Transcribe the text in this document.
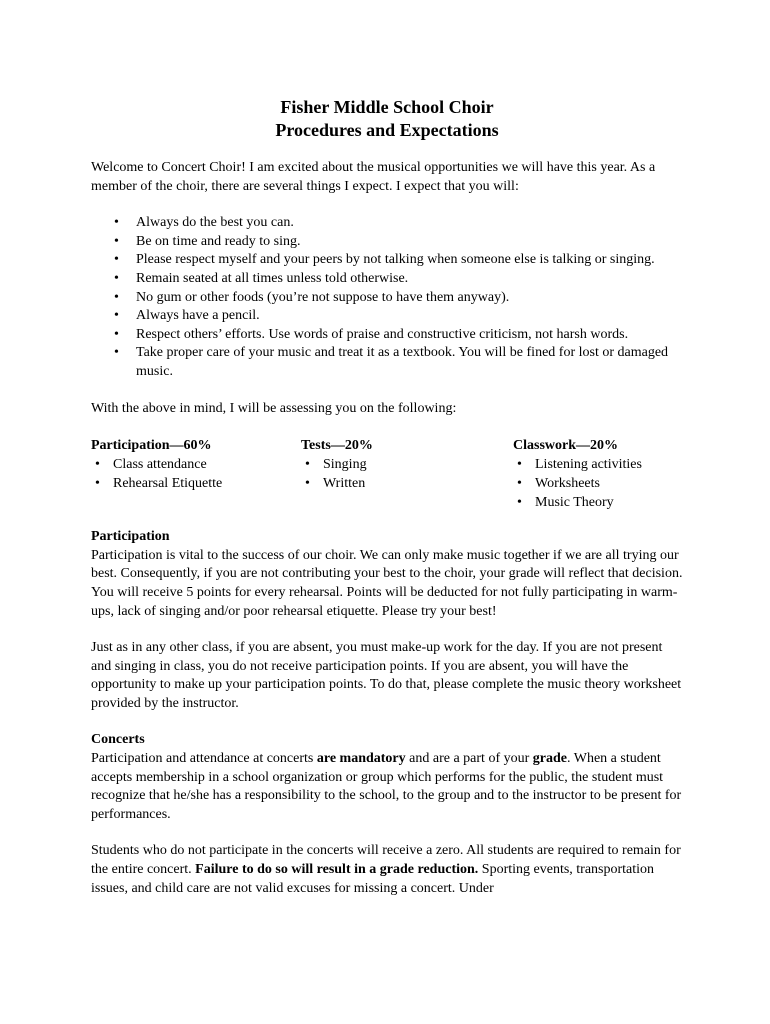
Fisher Middle School Choir
Procedures and Expectations

Welcome to Concert Choir! I am excited about the musical opportunities we will have this year. As a member of the choir, there are several things I expect. I expect that you will:

• Always do the best you can.
• Be on time and ready to sing.
• Please respect myself and your peers by not talking when someone else is talking or singing.
• Remain seated at all times unless told otherwise.
• No gum or other foods (you’re not suppose to have them anyway).
• Always have a pencil.
• Respect others’ efforts. Use words of praise and constructive criticism, not harsh words.
• Take proper care of your music and treat it as a textbook. You will be fined for lost or damaged music.

With the above in mind, I will be assessing you on the following:

Participation—60%
• Class attendance
• Rehearsal Etiquette
Tests—20%
• Singing
• Written
Classwork—20%
• Listening activities
• Worksheets
• Music Theory
Participation

Participation is vital to the success of our choir. We can only make music together if we are all trying our best. Consequently, if you are not contributing your best to the choir, your grade will reflect that decision. You will receive 5 points for every rehearsal. Points will be deducted for not fully participating in warm-ups, lack of singing and/or poor rehearsal etiquette. Please try your best!

Just as in any other class, if you are absent, you must make-up work for the day. If you are not present and singing in class, you do not receive participation points. If you are absent, you will have the opportunity to make up your participation points. To do that, please complete the music theory worksheet provided by the instructor.

Concerts

Participation and attendance at concerts are mandatory and are a part of your grade. When a student accepts membership in a school organization or group which performs for the public, the student must recognize that he/she has a responsibility to the school, to the group and to the instructor to be present for performances.

Students who do not participate in the concerts will receive a zero. All students are required to remain for the entire concert. Failure to do so will result in a grade reduction. Sporting events, transportation issues, and child care are not valid excuses for missing a concert. Under
